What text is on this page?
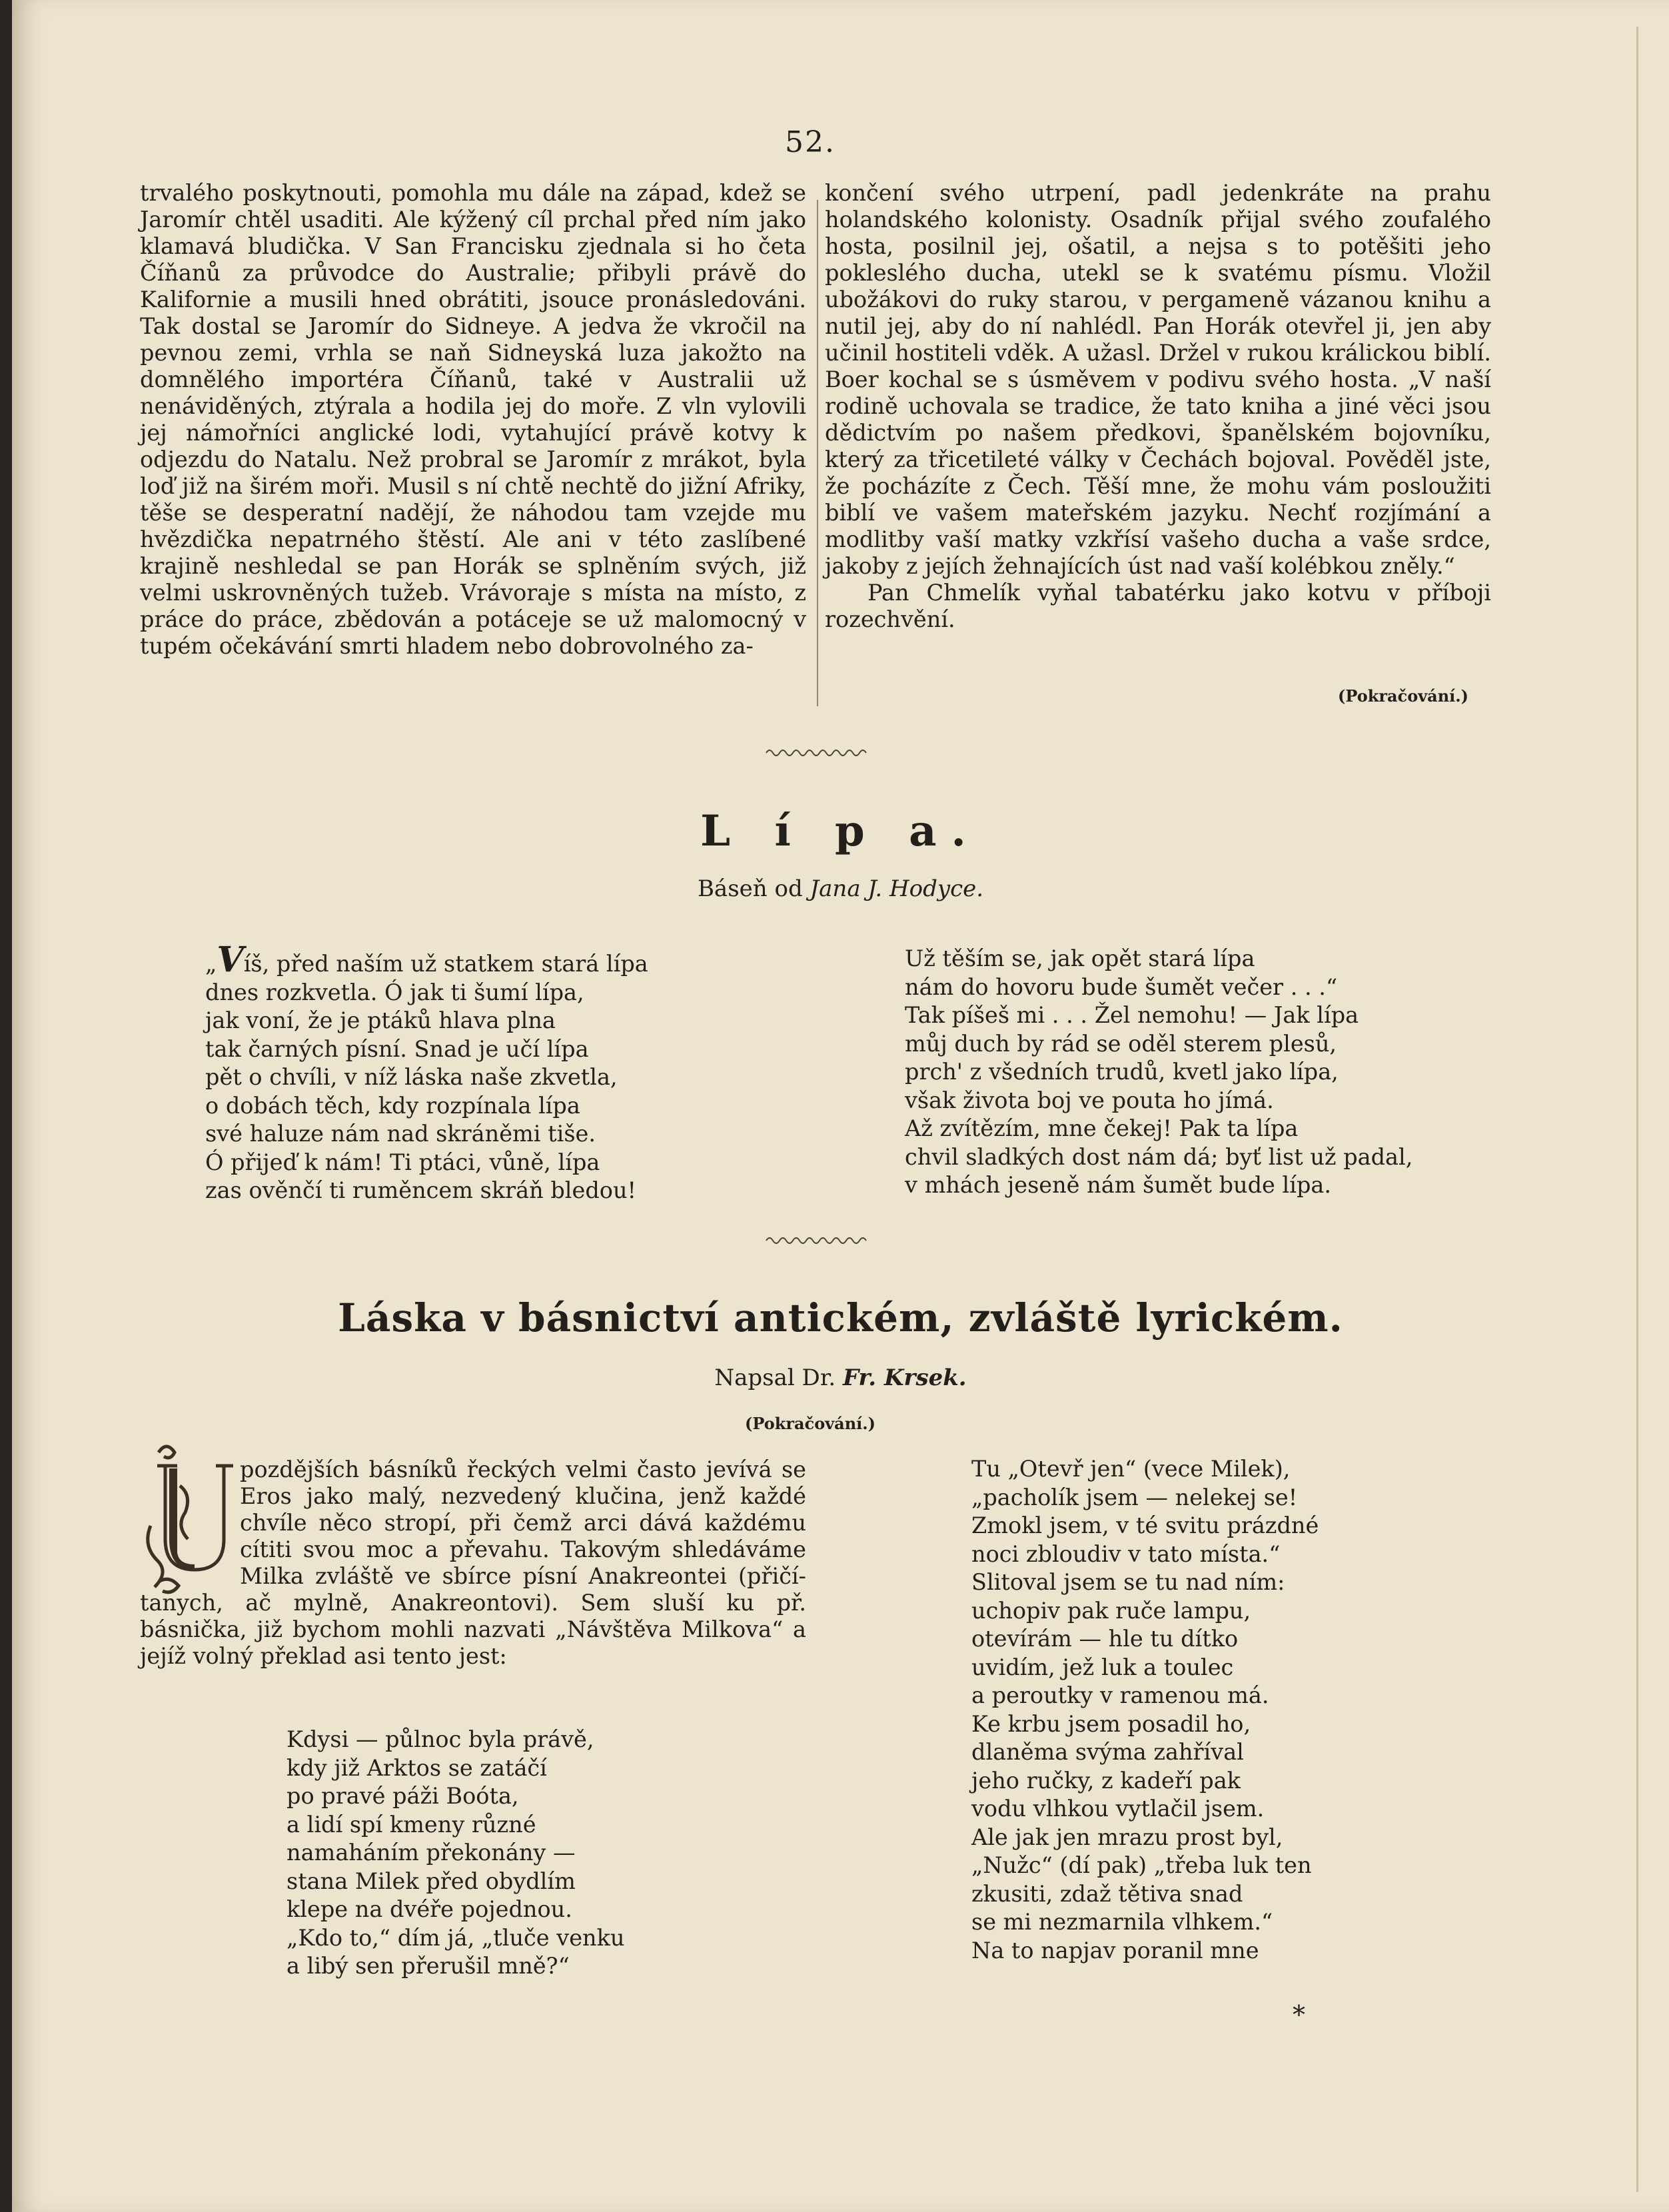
52.

trvalého poskytnouti, pomohla mu dále na západ, kdež se Jaromír chtěl usaditi. Ale kýžený cíl prchal před ním jako klamavá bludička. V San Francisku zjednala si ho četa Číňanů za průvodce do Australie; přibyli právě do Kalifornie a musili hned obrátiti, jsouce pronásledováni. Tak dostal se Jaromír do Sidneye. A jedva že vkročil na pevnou zemi, vrhla se naň Sidneyská luza jakožto na domnělého importéra Číňanů, také v Australii už nenáviděných, ztýrala a hodila jej do moře. Z vln vylovili jej námořníci anglické lodi, vytahující právě kotvy k odjezdu do Natalu. Než probral se Jaromír z mrákot, byla loď již na širém moři. Musil s ní chtě nechtě do jižní Afriky, těše se desperatní nadějí, že náhodou tam vzejde mu hvězdička nepatrného štěstí. Ale ani v této zaslíbené krajině neshledal se pan Horák se splněním svých, již velmi uskrovněných tužeb. Vrávoraje s místa na místo, z práce do práce, zbědován a potáceje se už malomocný v tupém očekávání smrti hladem nebo dobrovolného za-

končení svého utrpení, padl jedenkráte na prahu holandského kolonisty. Osadník přijal svého zoufalého hosta, posilnil jej, ošatil, a nejsa s to potěšiti jeho pokleslého ducha, utekl se k svatému písmu. Vložil ubožákovi do ruky starou, v pergameně vázanou knihu a nutil jej, aby do ní nahlédl. Pan Horák otevřel ji, jen aby učinil hostiteli vděk. A užasl. Držel v rukou králickou biblí. Boer kochal se s úsměvem v podivu svého hosta. „V naší rodině uchovala se tradice, že tato kniha a jiné věci jsou dědictvím po našem předkovi, španělském bojovníku, který za třicetileté války v Čechách bojoval. Pověděl jste, že pocházíte z Čech. Těší mne, že mohu vám posloužiti biblí ve vašem mateřském jazyku. Nechť rozjímání a modlitby vaší matky vzkřísí vašeho ducha a vaše srdce, jakoby z jejích žehnajících úst nad vaší kolébkou zněly.“

Pan Chmelík vyňal tabatérku jako kotvu v příboji rozechvění.

(Pokračování.)
L í p a.
Báseň od Jana J. Hodyce.
„Víš, před naším už statkem stará lípa
dnes rozkvetla. Ó jak ti šumí lípa,
jak voní, že je ptáků hlava plna
tak čarných písní. Snad je učí lípa
pět o chvíli, v níž láska naše zkvetla,
o dobách těch, kdy rozpínala lípa
své haluze nám nad skráněmi tiše.
Ó přijeď k nám! Ti ptáci, vůně, lípa
zas ověnčí ti ruměncem skráň bledou!
Už těším se, jak opět stará lípa
nám do hovoru bude šumět večer . . .“
Tak píšeš mi . . . Žel nemohu! — Jak lípa
můj duch by rád se oděl sterem plesů,
prch' z všedních trudů, kvetl jako lípa,
však života boj ve pouta ho jímá.
Až zvítězím, mne čekej! Pak ta lípa
chvil sladkých dost nám dá; byť list už padal,
v mhách jeseně nám šumět bude lípa.
Láska v básnictví antickém, zvláště lyrickém.
Napsal Dr. Fr. Krsek.
(Pokračování.)
pozdějších básníků řeckých velmi často jevívá se
Eros jako malý, nezvedený klučina, jenž každé
chvíle něco stropí, při čemž arci dává každému
cítiti svou moc a převahu. Takovým shledáváme
Milka zvláště ve sbírce písní Anakreontei (přičí-

tanych, ač mylně, Anakreontovi). Sem sluší ku př. básnička, již bychom mohli nazvati „Návštěva Milkova“ a jejíž volný překlad asi tento jest:

Kdysi — půlnoc byla právě,
kdy již Arktos se zatáčí
po pravé páži Boóta,
a lidí spí kmeny různé
namaháním překonány —
stana Milek před obydlím
klepe na dvéře pojednou.
„Kdo to,“ dím já, „tluče venku
a libý sen přerušil mně?“
Tu „Otevř jen“ (vece Milek),
„pacholík jsem — nelekej se!
Zmokl jsem, v té svitu prázdné
noci zbloudiv v tato místa.“
Slitoval jsem se tu nad ním:
uchopiv pak ruče lampu,
otevírám — hle tu dítko
uvidím, jež luk a toulec
a peroutky v ramenou má.
Ke krbu jsem posadil ho,
dlaněma svýma zahříval
jeho ručky, z kadeří pak
vodu vlhkou vytlačil jsem.
Ale jak jen mrazu prost byl,
„Nužc“ (dí pak) „třeba luk ten
zkusiti, zdaž tětiva snad
se mi nezmarnila vlhkem.“
Na to napjav poranil mne
*
